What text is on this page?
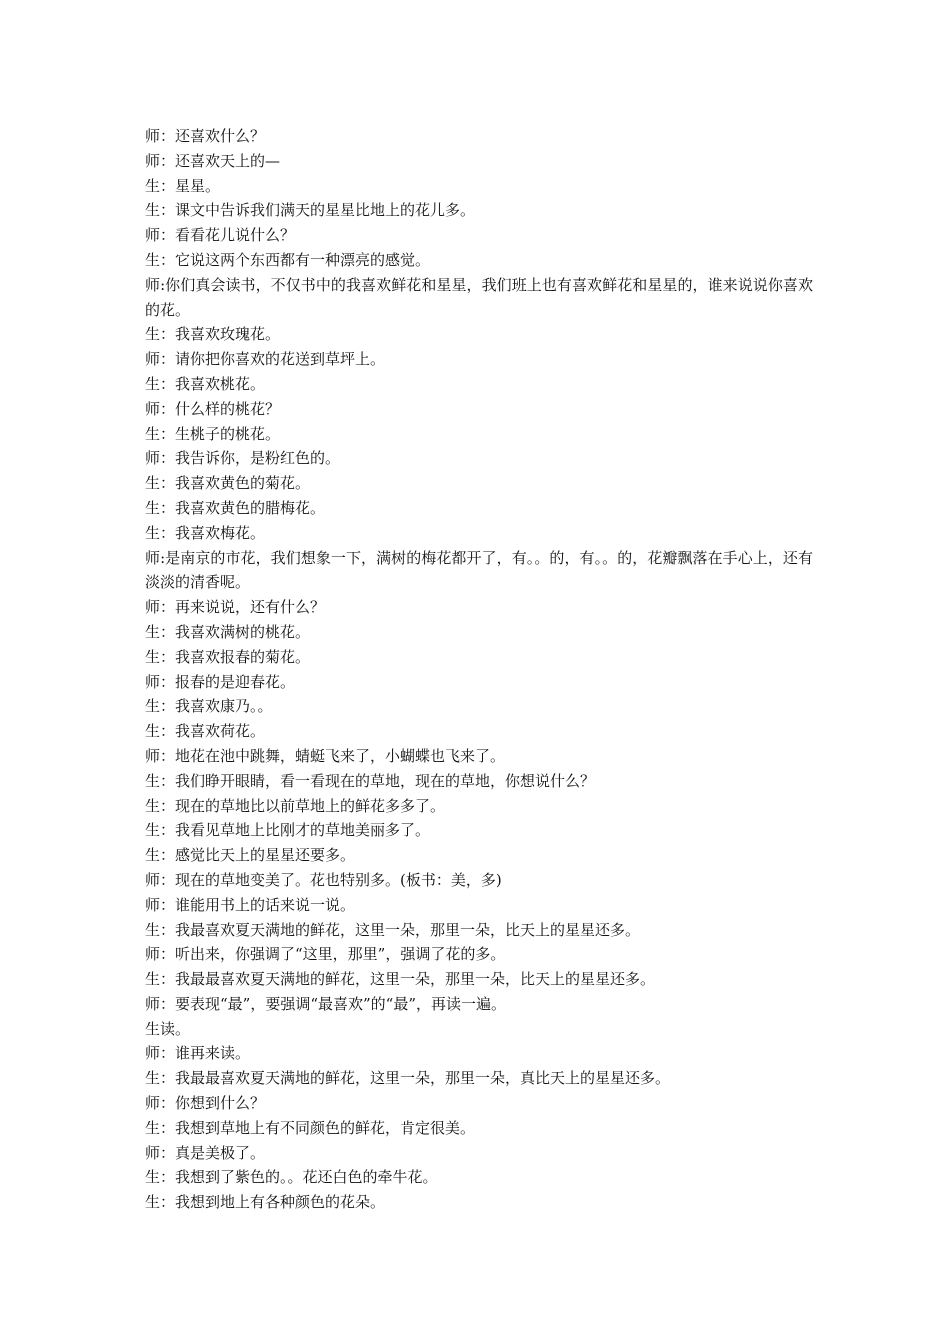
师：还喜欢什么？
师：还喜欢天上的—
生：星星。
生：课文中告诉我们满天的星星比地上的花儿多。
师：看看花儿说什么？
生：它说这两个东西都有一种漂亮的感觉。
师:你们真会读书，不仅书中的我喜欢鲜花和星星，我们班上也有喜欢鲜花和星星的，谁来说说你喜欢的花。
生：我喜欢玫瑰花。
师：请你把你喜欢的花送到草坪上。
生：我喜欢桃花。
师：什么样的桃花？
生：生桃子的桃花。
师：我告诉你，是粉红色的。
生：我喜欢黄色的菊花。
生：我喜欢黄色的腊梅花。
生：我喜欢梅花。
师:是南京的市花，我们想象一下，满树的梅花都开了，有。。的，有。。的，花瓣飘落在手心上，还有淡淡的清香呢。
师：再来说说，还有什么？
生：我喜欢满树的桃花。
生：我喜欢报春的菊花。
师：报春的是迎春花。
生：我喜欢康乃。。
生：我喜欢荷花。
师：地花在池中跳舞，蜻蜓飞来了，小蝴蝶也飞来了。
生：我们睁开眼睛，看一看现在的草地，现在的草地，你想说什么？
生：现在的草地比以前草地上的鲜花多多了。
生：我看见草地上比刚才的草地美丽多了。
生：感觉比天上的星星还要多。
师：现在的草地变美了。花也特别多。(板书：美，多)
师：谁能用书上的话来说一说。
生：我最喜欢夏天满地的鲜花，这里一朵，那里一朵，比天上的星星还多。
师：听出来，你强调了“这里，那里”，强调了花的多。
生：我最最喜欢夏天满地的鲜花，这里一朵，那里一朵，比天上的星星还多。
师：要表现“最”，要强调“最喜欢”的“最”，再读一遍。
生读。
师：谁再来读。
生：我最最喜欢夏天满地的鲜花，这里一朵，那里一朵，真比天上的星星还多。
师：你想到什么？
生：我想到草地上有不同颜色的鲜花，肯定很美。
师：真是美极了。
生：我想到了紫色的。。花还白色的牵牛花。
生：我想到地上有各种颜色的花朵。
